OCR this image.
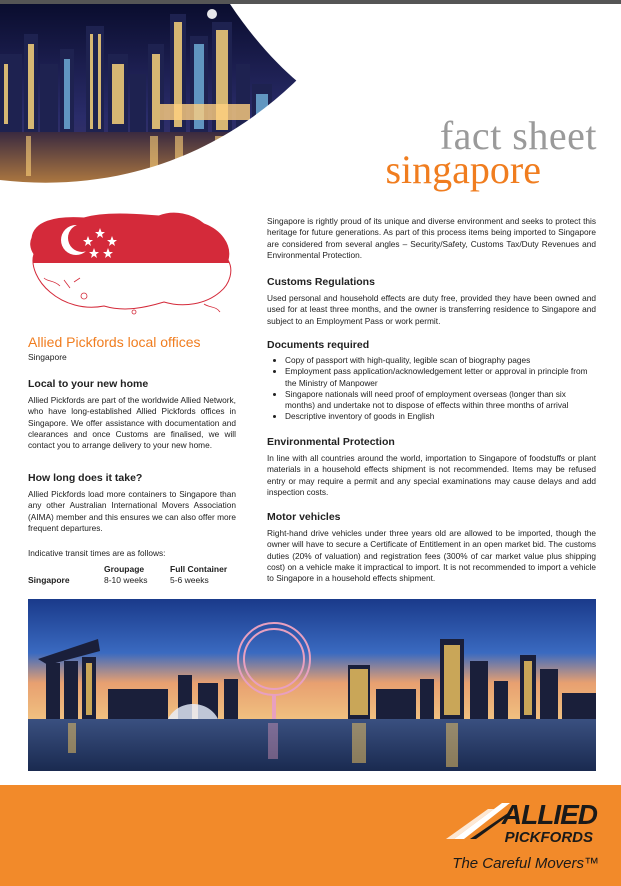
fact sheet
singapore
Allied Pickfords local offices
Singapore
Local to your new home

Allied Pickfords are part of the worldwide Allied Network, who have long-established Allied Pickfords offices in Singapore. We offer assistance with documentation and clearances and once Customs are finalised, we will contact you to arrange delivery to your new home.

How long does it take?

Allied Pickfords load more containers to Singapore than any other Australian International Movers Association (AIMA) member and this ensures we can also offer more frequent departures.

Indicative transit times are as follows:

	Groupage	Full Container
Singapore	8-10 weeks	5-6 weeks

Singapore is rightly proud of its unique and diverse environment and seeks to protect this heritage for future generations. As part of this process items being imported to Singapore are considered from several angles – Security/Safety, Customs Tax/Duty Revenues and Environmental Protection.

Customs Regulations

Used personal and household effects are duty free, provided they have been owned and used for at least three months, and the owner is transferring residence to Singapore and subject to an Employment Pass or work permit.

Documents required
• Copy of passport with high-quality, legible scan of biography pages
• Employment pass application/acknowledgement letter or approval in principle from the Ministry of Manpower
• Singapore nationals will need proof of employment overseas (longer than six months) and undertake not to dispose of effects within three months of arrival
• Descriptive inventory of goods in English
Environmental Protection

In line with all countries around the world, importation to Singapore of foodstuffs or plant materials in a household effects shipment is not recommended. Items may be refused entry or may require a permit and any special examinations may cause delays and add inspection costs.

Motor vehicles

Right-hand drive vehicles under three years old are allowed to be imported, though the owner will have to secure a Certificate of Entitlement in an open market bid. The customs duties (20% of valuation) and registration fees (300% of car market value plus shipping cost) on a vehicle make it impractical to import. It is not recommended to import a vehicle to Singapore in a household effects shipment.

ALLIED
PICKFORDS
The Careful Movers™
